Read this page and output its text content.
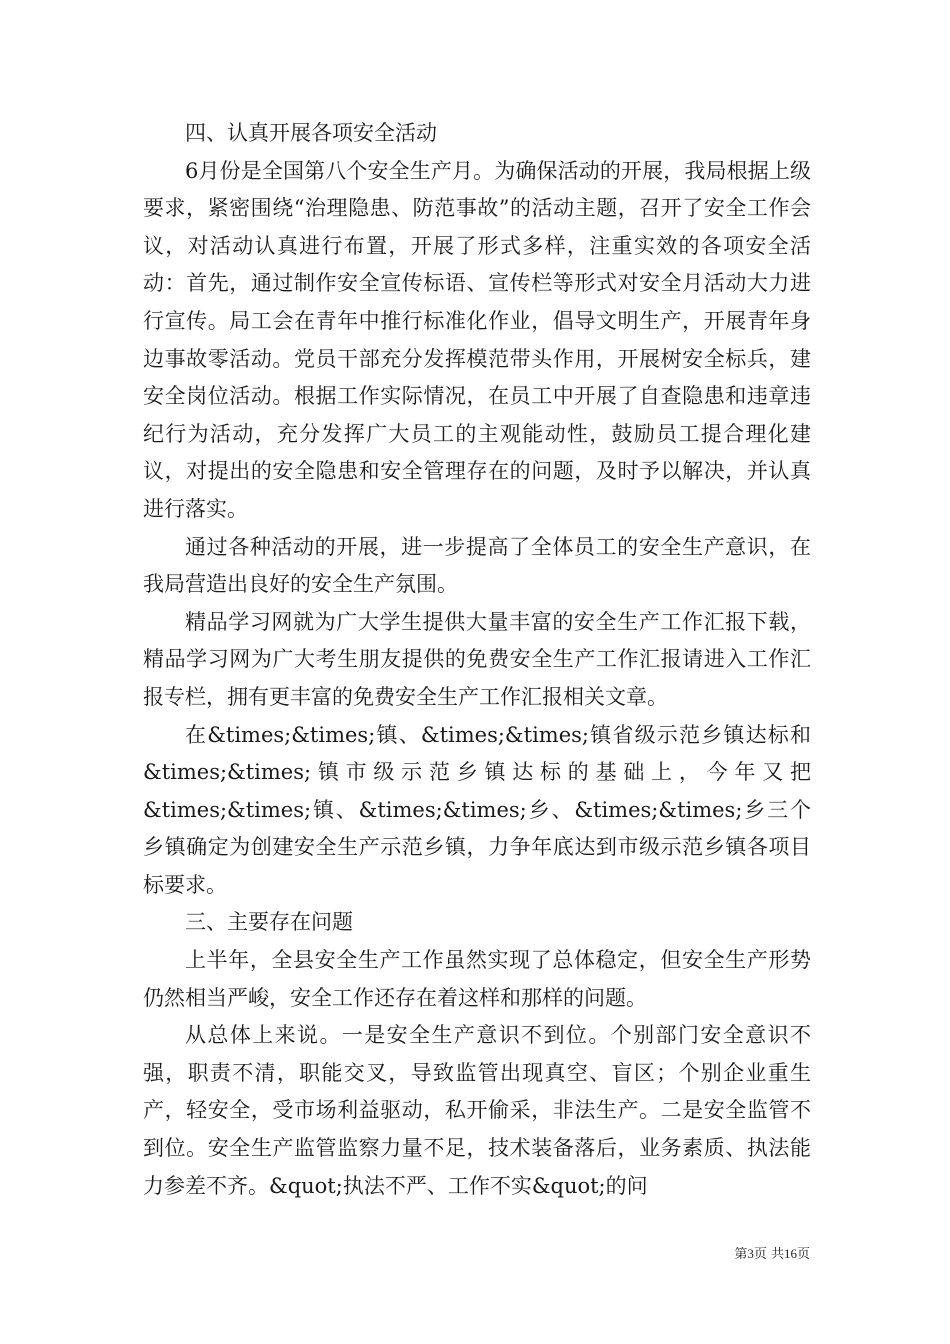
四、认真开展各项安全活动

6月份是全国第八个安全生产月。为确保活动的开展，我局根据上级要求，紧密围绕“治理隐患、防范事故”的活动主题，召开了安全工作会议，对活动认真进行布置，开展了形式多样，注重实效的各项安全活动：首先，通过制作安全宣传标语、宣传栏等形式对安全月活动大力进行宣传。局工会在青年中推行标准化作业，倡导文明生产，开展青年身边事故零活动。党员干部充分发挥模范带头作用，开展树安全标兵，建安全岗位活动。根据工作实际情况，在员工中开展了自查隐患和违章违纪行为活动，充分发挥广大员工的主观能动性，鼓励员工提合理化建议，对提出的安全隐患和安全管理存在的问题，及时予以解决，并认真进行落实。

通过各种活动的开展，进一步提高了全体员工的安全生产意识，在我局营造出良好的安全生产氛围。

精品学习网就为广大学生提供大量丰富的安全生产工作汇报下载，精品学习网为广大考生朋友提供的免费安全生产工作汇报请进入工作汇报专栏，拥有更丰富的免费安全生产工作汇报相关文章。

在&times;&times;镇、&times;&times;镇省级示范乡镇达标和&times;&times;镇市级示范乡镇达标的基础上，今年又把&times;&times;镇、&times;&times;乡、&times;&times;乡三个乡镇确定为创建安全生产示范乡镇，力争年底达到市级示范乡镇各项目标要求。

三、主要存在问题

上半年，全县安全生产工作虽然实现了总体稳定，但安全生产形势仍然相当严峻，安全工作还存在着这样和那样的问题。

从总体上来说。一是安全生产意识不到位。个别部门安全意识不强，职责不清，职能交叉，导致监管出现真空、盲区；个别企业重生产，轻安全，受市场利益驱动，私开偷采，非法生产。二是安全监管不到位。安全生产监管监察力量不足，技术装备落后，业务素质、执法能力参差不齐。&quot;执法不严、工作不实&quot;的问

第3页 共16页
